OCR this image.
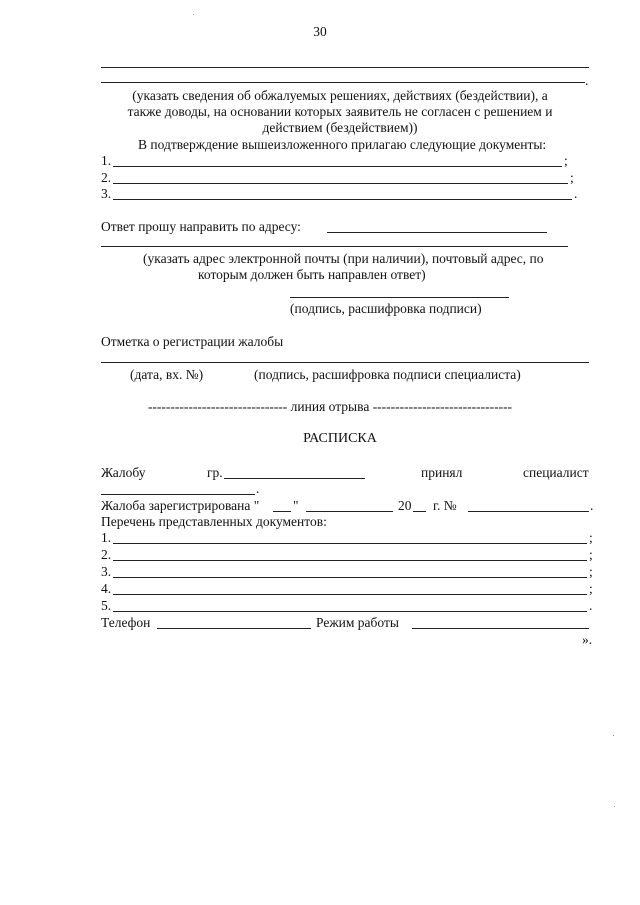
30
.
(указать сведения об обжалуемых решениях, действиях (бездействии), а
также доводы, на основании которых заявитель не согласен с решением и
действием (бездействием))
В подтверждение вышеизложенного прилагаю следующие документы:
1.	;
2.	;
3.	.
Ответ прошу направить по адресу:
(указать адрес электронной почты (при наличии), почтовый адрес, по
которым должен быть направлен ответ)
(подпись, расшифровка подписи)
Отметка о регистрации жалобы
(дата, вх. №)	(подпись, расшифровка подписи специалиста)
------------------------------- линия отрыва -------------------------------
РАСПИСКА
Жалобу	гр.	принял	специалист
.
Жалоба зарегистрирована "	"	20 г. №	.
Перечень представленных документов:
1.	;
2.	;
3.	;
4.	;
5.	.
Телефон	Режим работы
».
